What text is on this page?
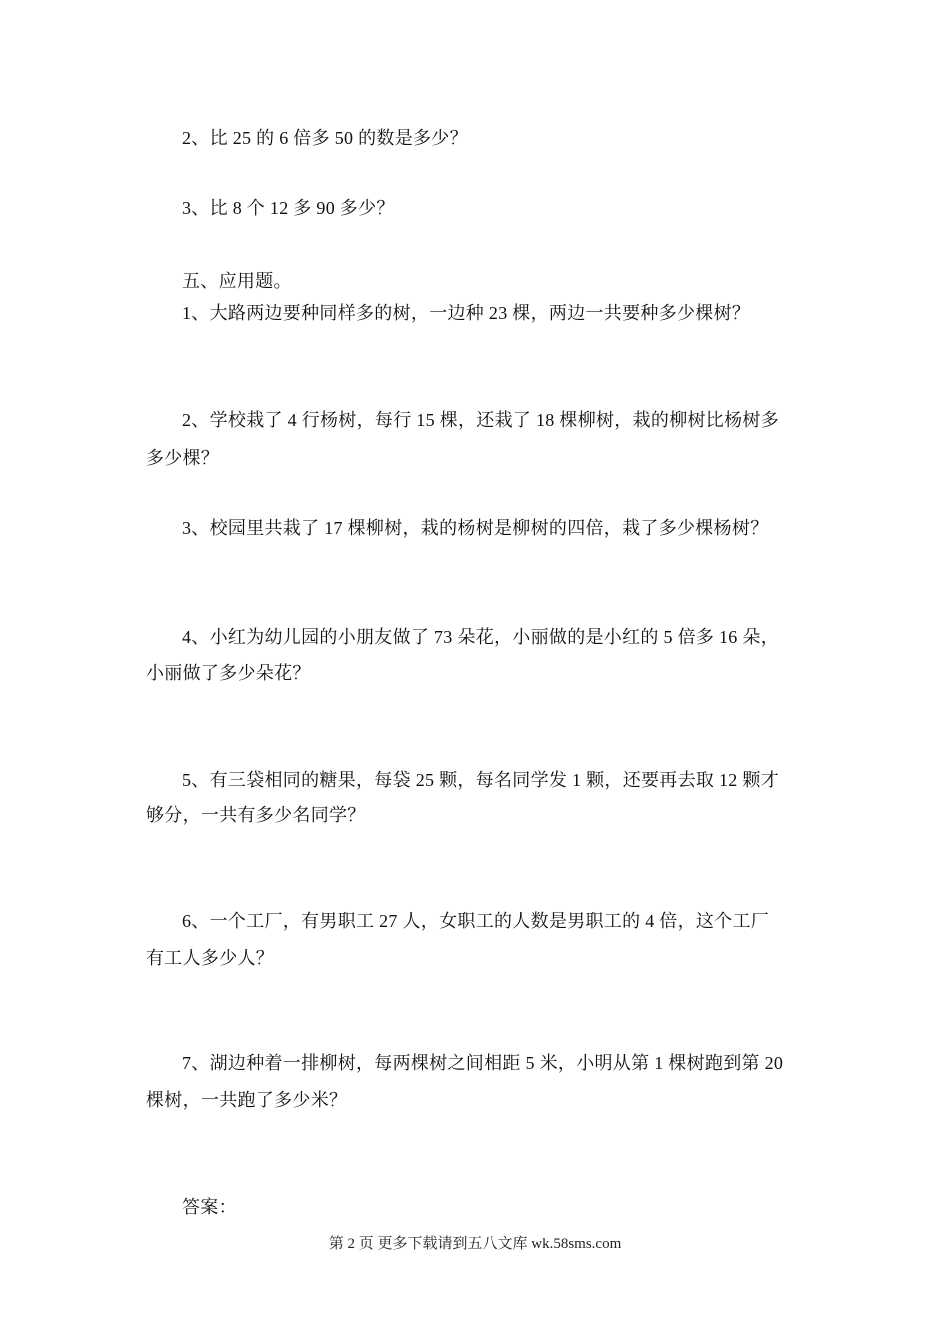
2、比 25 的 6 倍多 50 的数是多少？
3、比 8 个 12 多 90 多少？
五、应用题。
1、大路两边要种同样多的树，一边种 23 棵，两边一共要种多少棵树？
2、学校栽了 4 行杨树，每行 15 棵，还栽了 18 棵柳树，栽的柳树比杨树多
多少棵？
3、校园里共栽了 17 棵柳树，栽的杨树是柳树的四倍，栽了多少棵杨树？
4、小红为幼儿园的小朋友做了 73 朵花，小丽做的是小红的 5 倍多 16 朵，
小丽做了多少朵花？
5、有三袋相同的糖果，每袋 25 颗，每名同学发 1 颗，还要再去取 12 颗才
够分，一共有多少名同学？
6、一个工厂，有男职工 27 人，女职工的人数是男职工的 4 倍，这个工厂
有工人多少人？
7、湖边种着一排柳树，每两棵树之间相距 5 米，小明从第 1 棵树跑到第 20
棵树，一共跑了多少米？
答案：
第 2 页 更多下载请到五八文库 wk.58sms.com
